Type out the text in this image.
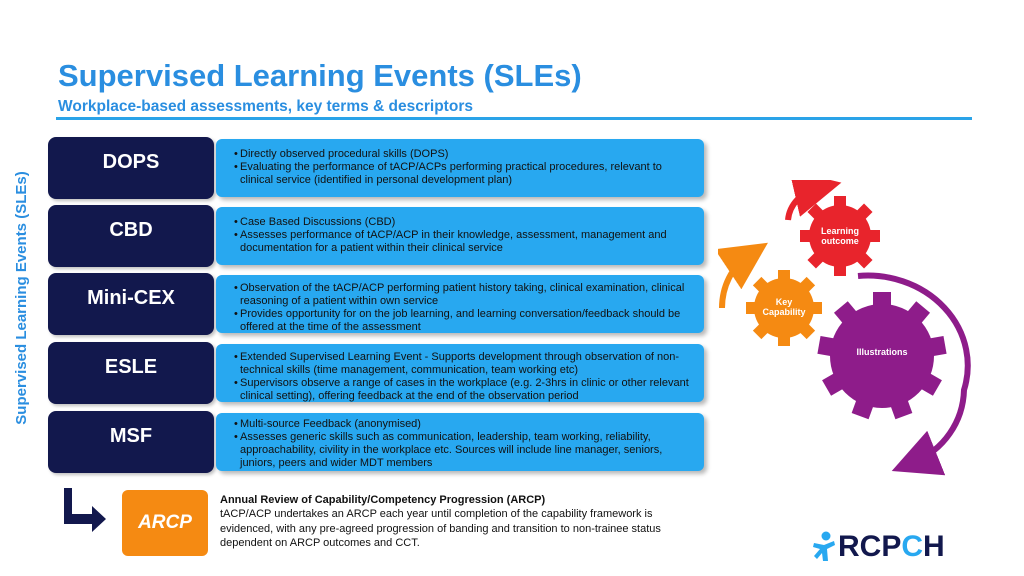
Supervised Learning Events (SLEs)
Workplace-based assessments, key terms & descriptors
Supervised Learning Events (SLEs)
DOPS	• Directly observed procedural skills (DOPS)
• Evaluating the performance of tACP/ACPs performing practical procedures, relevant to clinical service (identified in personal development plan)
CBD	• Case Based Discussions (CBD)
• Assesses performance of tACP/ACP in their knowledge, assessment, management and documentation for a patient within their clinical service
Mini-CEX	• Observation of the tACP/ACP performing patient history taking, clinical examination, clinical reasoning of a patient within own service
• Provides opportunity for on the job learning, and learning conversation/feedback should be offered at the time of the assessment
ESLE	• Extended Supervised Learning Event - Supports development through observation of non-technical skills (time management, communication, team working etc)
• Supervisors observe a range of cases in the workplace (e.g. 2-3hrs in clinic or other relevant clinical setting), offering feedback at the end of the observation period
MSF
• Multi-source Feedback (anonymised)
• Assesses generic skills such as communication, leadership, team working, reliability, approachability, civility in the workplace etc. Sources will include line manager, seniors, juniors, peers and wider MDT members
ARCP
Annual Review of Capability/Competency Progression (ARCP)
tACP/ACP undertakes an ARCP each year until completion of the capability framework is evidenced, with any pre-agreed progression of banding and transition to non-trainee status dependent on ARCP outcomes and CCT.
Learning outcome
Key Capability
Illustrations
RCPCH
